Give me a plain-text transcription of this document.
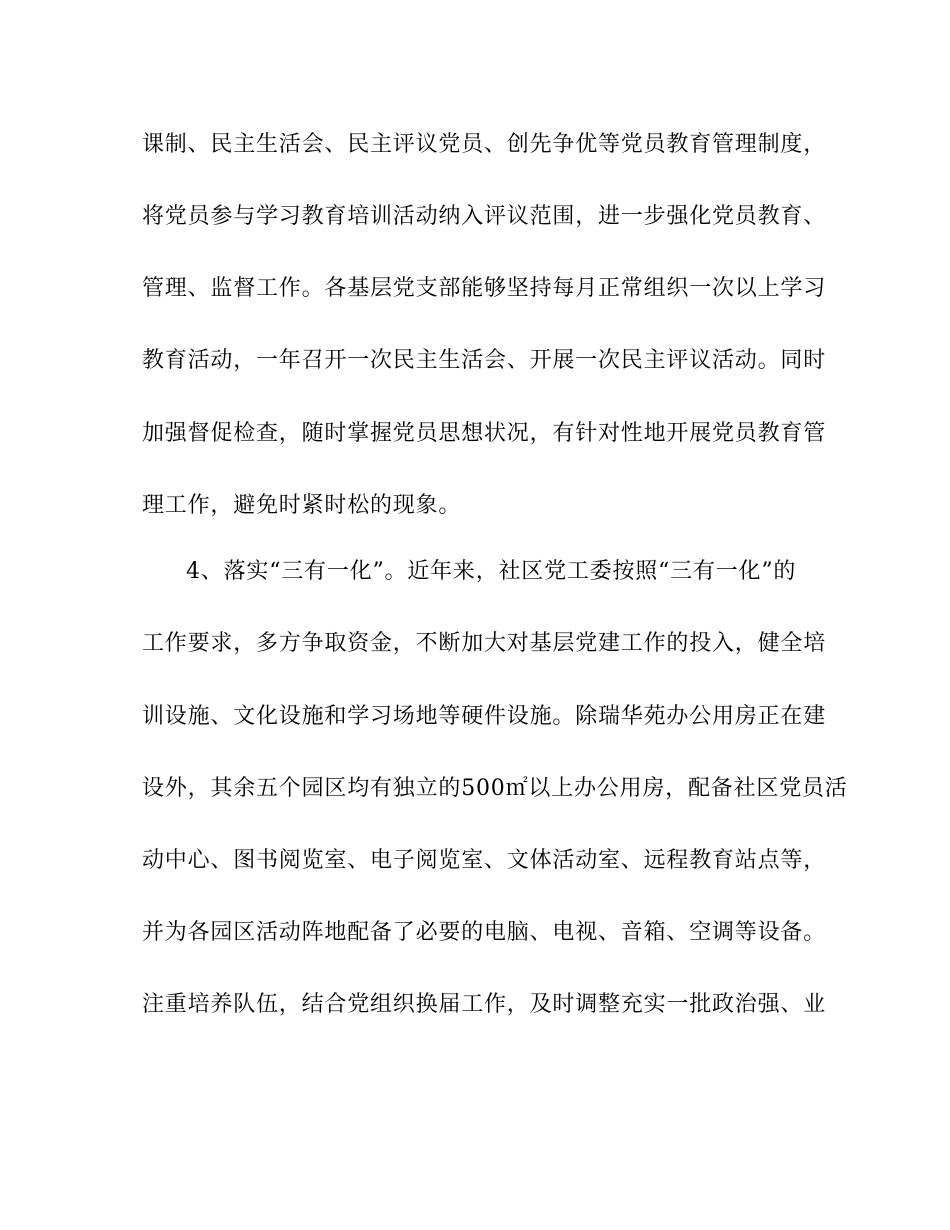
课制、民主生活会、民主评议党员、创先争优等党员教育管理制度，
将党员参与学习教育培训活动纳入评议范围，进一步强化党员教育、
管理、监督工作。各基层党支部能够坚持每月正常组织一次以上学习
教育活动，一年召开一次民主生活会、开展一次民主评议活动。同时
加强督促检查，随时掌握党员思想状况，有针对性地开展党员教育管
理工作，避免时紧时松的现象。
4、落实“三有一化”。近年来，社区党工委按照“三有一化”的
工作要求，多方争取资金，不断加大对基层党建工作的投入，健全培
训设施、文化设施和学习场地等硬件设施。除瑞华苑办公用房正在建
设外，其余五个园区均有独立的500㎡以上办公用房，配备社区党员活
动中心、图书阅览室、电子阅览室、文体活动室、远程教育站点等，
并为各园区活动阵地配备了必要的电脑、电视、音箱、空调等设备。
注重培养队伍，结合党组织换届工作，及时调整充实一批政治强、业
